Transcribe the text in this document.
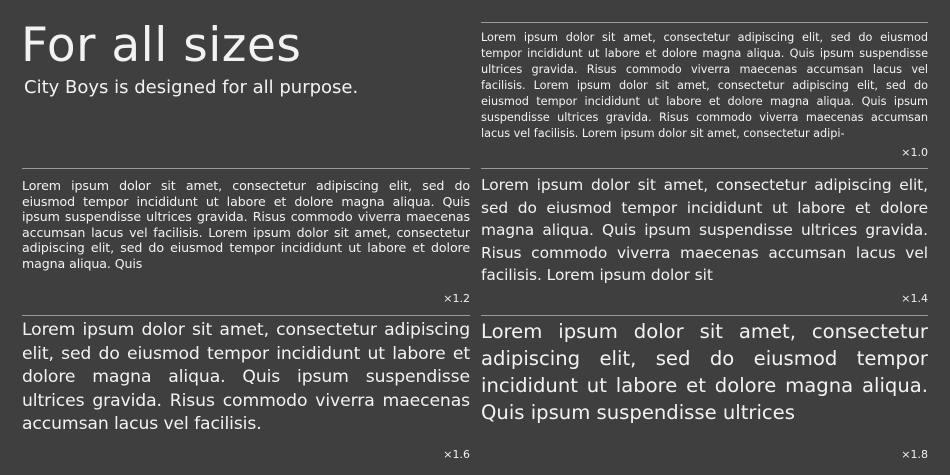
For all sizes
City Boys is designed for all purpose.

Lorem ipsum dolor sit amet, consectetur adipiscing elit, sed do eiusmod tempor incididunt ut labore et dolore magna aliqua. Quis ipsum suspendisse ultrices gravida. Risus commodo viverra maecenas accumsan lacus vel facilisis. Lorem ipsum dolor sit amet, consectetur adipiscing elit, sed do eiusmod tempor incididunt ut labore et dolore magna aliqua. Quis ipsum suspendisse ultrices gravida. Risus commodo viverra maecenas accumsan lacus vel facilisis. Lorem ipsum dolor sit amet, consectetur adipi-

×1.0

Lorem ipsum dolor sit amet, consectetur adipiscing elit, sed do eiusmod tempor incididunt ut labore et dolore magna aliqua. Quis ipsum suspendisse ultrices gravida. Risus commodo viverra maecenas accumsan lacus vel facilisis. Lorem ipsum dolor sit amet, consectetur adipiscing elit, sed do eiusmod tempor incididunt ut labore et dolore magna aliqua. Quis

×1.2

Lorem ipsum dolor sit amet, consectetur adipiscing elit, sed do eiusmod tempor incididunt ut labore et dolore magna aliqua. Quis ipsum suspendisse ultrices gravida. Risus commodo viverra maecenas accumsan lacus vel facilisis. Lorem ipsum dolor sit

×1.4

Lorem ipsum dolor sit amet, consectetur adipiscing elit, sed do eiusmod tempor incididunt ut labore et dolore magna aliqua. Quis ipsum suspendisse ultrices gravida. Risus commodo viverra maecenas accumsan lacus vel facilisis.

×1.6

Lorem ipsum dolor sit amet, consectetur adipiscing elit, sed do eiusmod tempor incididunt ut labore et dolore magna aliqua. Quis ipsum suspendisse ultrices

×1.8
